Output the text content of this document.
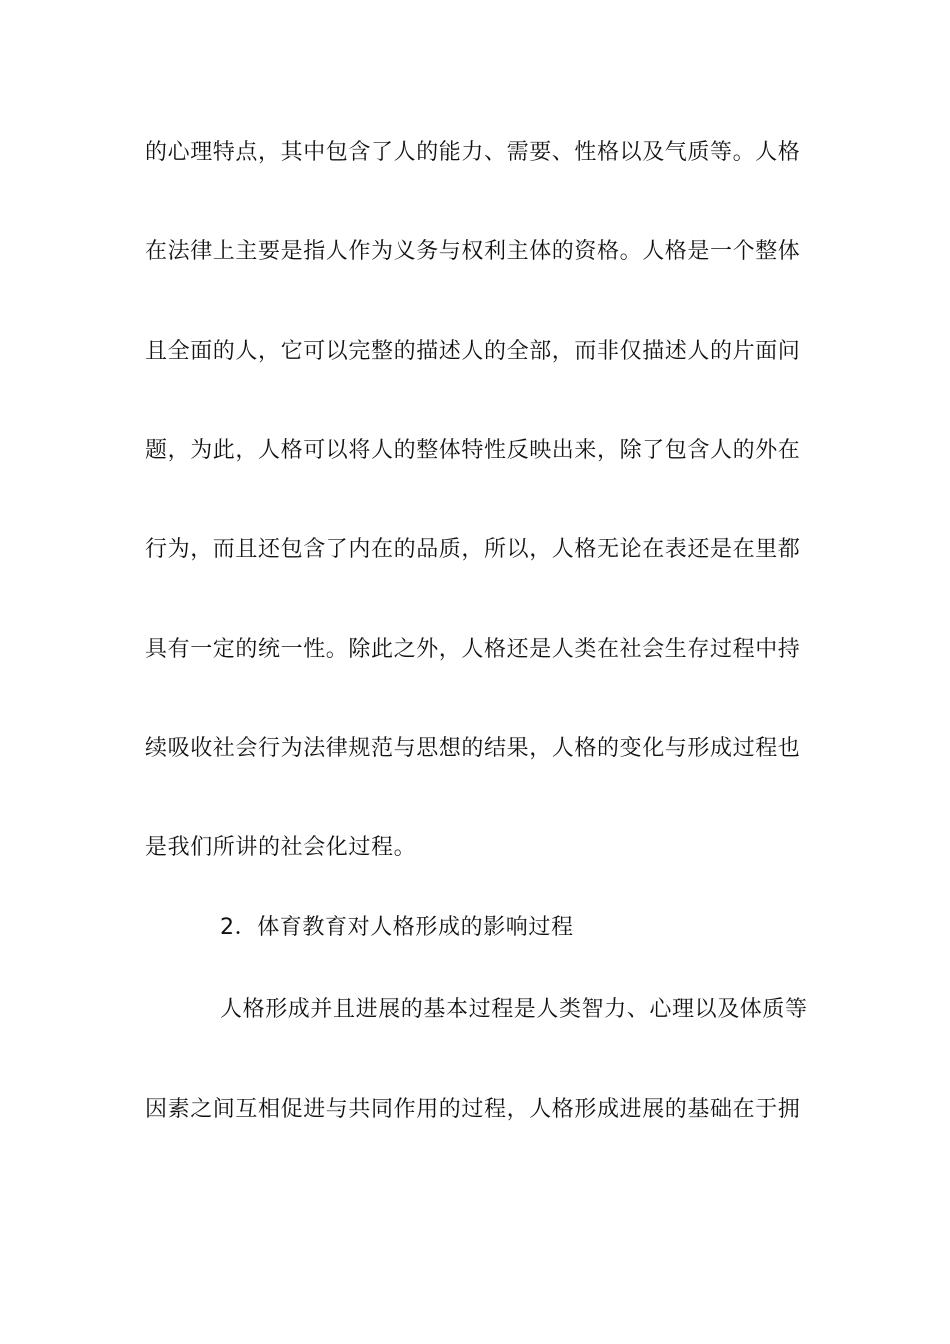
的心理特点，其中包含了人的能力、需要、性格以及气质等。人格
在法律上主要是指人作为义务与权利主体的资格。人格是一个整体
且全面的人，它可以完整的描述人的全部，而非仅描述人的片面问
题，为此，人格可以将人的整体特性反映出来，除了包含人的外在
行为，而且还包含了内在的品质，所以，人格无论在表还是在里都
具有一定的统一性。除此之外，人格还是人类在社会生存过程中持
续吸收社会行为法律规范与思想的结果，人格的变化与形成过程也
是我们所讲的社会化过程。
2．体育教育对人格形成的影响过程
人格形成并且进展的基本过程是人类智力、心理以及体质等
因素之间互相促进与共同作用的过程，人格形成进展的基础在于拥
